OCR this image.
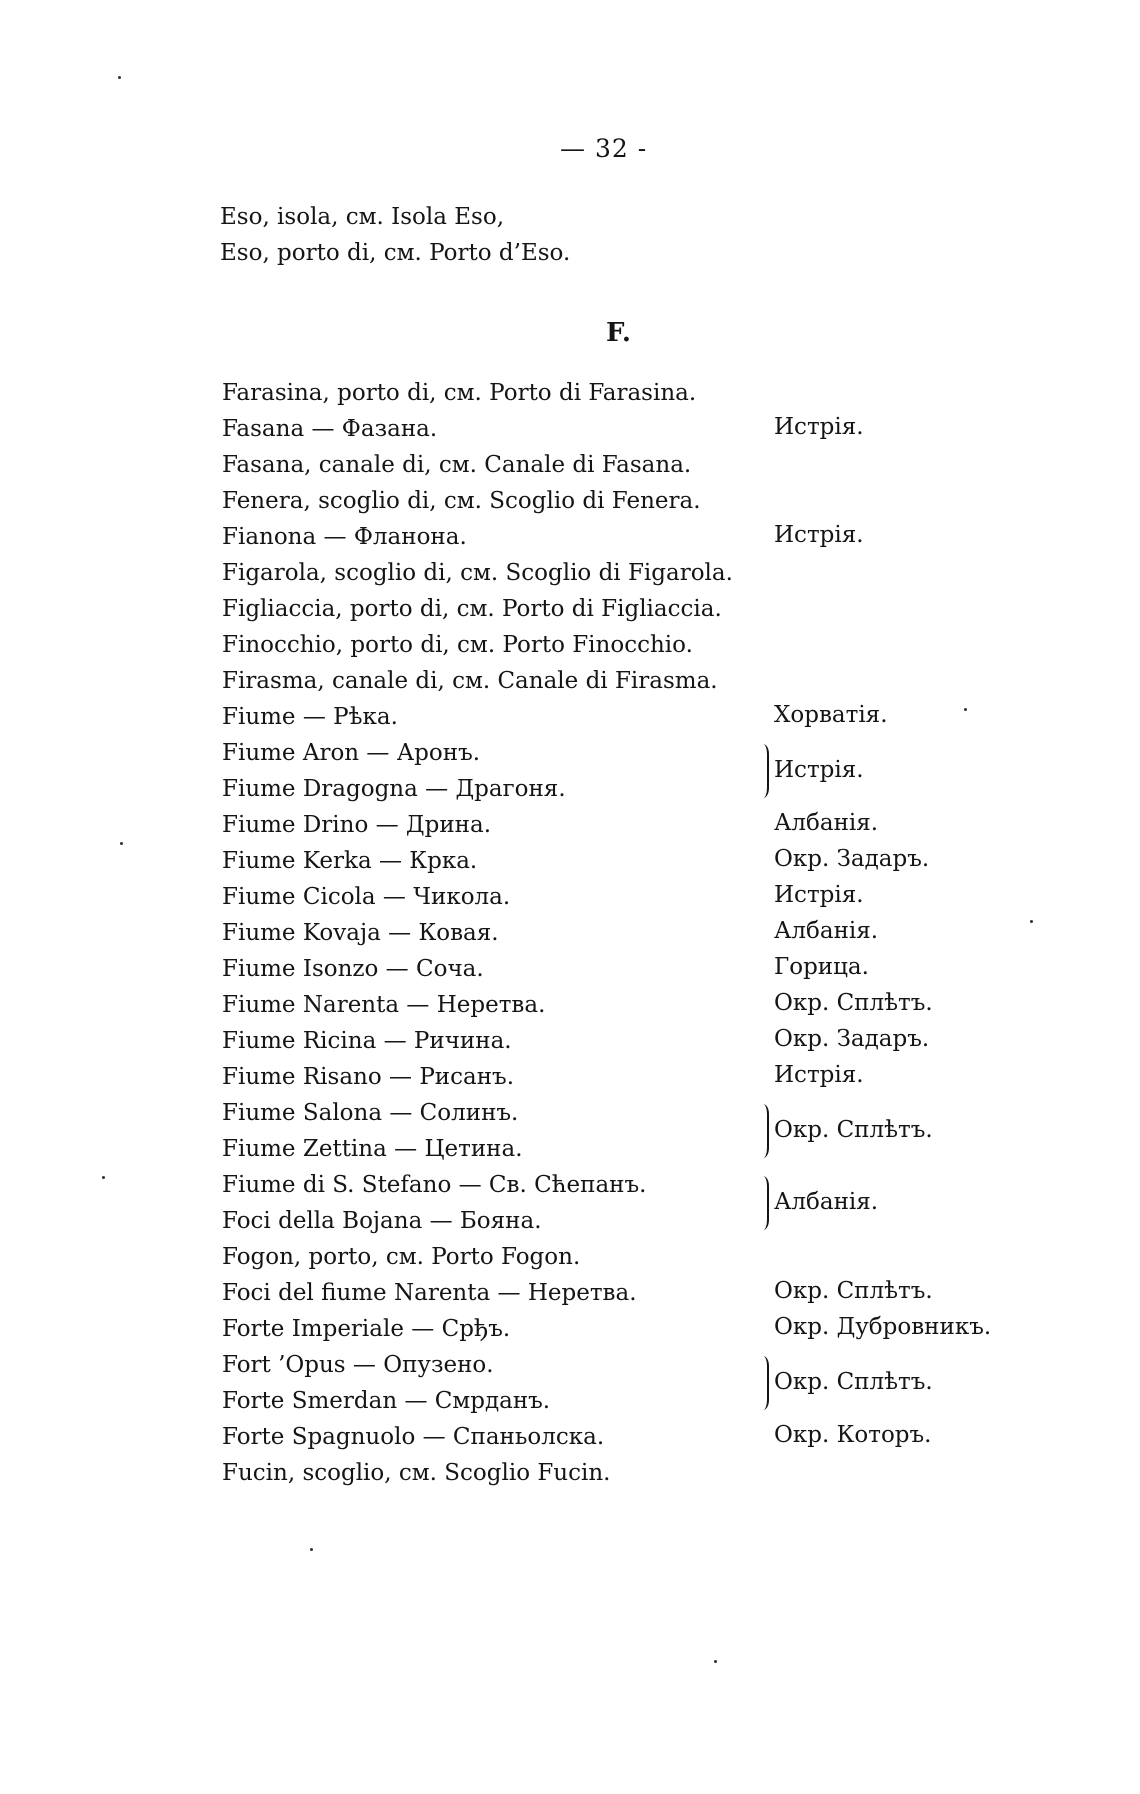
— 32 -
Eso, isola, см. Isola Eso,
Eso, porto di, см. Porto d’Eso.
F.
Farasina, porto di, см. Porto di Farasina.
Fasana — Фазана.
Fasana, canale di, см. Canale di Fasana.
Fenera, scoglio di, см. Scoglio di Fenera.
Fianona — Фланона.
Figarola, scoglio di, см. Scoglio di Figarola.
Figliaccia, porto di, см. Porto di Figliaccia.
Finocchio, porto di, см. Porto Finocchio.
Firasma, canale di, см. Canale di Firasma.
Fiume — Рѣка.
Fiume Aron — Аронъ.
Fiume Dragogna — Драгоня.
Fiume Drino — Дрина.
Fiume Kerka — Крка.
Fiume Cicola — Чикола.
Fiume Kovaja — Ковая.
Fiume Isonzo — Соча.
Fiume Narenta — Неретва.
Fiume Ricina — Ричина.
Fiume Risano — Рисанъ.
Fiume Salona — Солинъ.
Fiume Zettina — Цетина.
Fiume di S. Stefano — Св. Сћепанъ.
Foci della Bojana — Бояна.
Fogon, porto, см. Porto Fogon.
Foci del fiume Narenta — Неретва.
Forte Imperiale — Срђъ.
Fort ’Opus — Опузено.
Forte Smerdan — Смрданъ.
Forte Spagnuolo — Спаньолска.
Fucin, scoglio, см. Scoglio Fucin.
Истрія.
Истрія.
Хорватія.
Истрія.
Албанія.
Окр. Задаръ.
Истрія.
Албанія.
Горица.
Окр. Сплѣтъ.
Окр. Задаръ.
Истрія.
Окр. Сплѣтъ.
Албанія.
Окр. Сплѣтъ.
Окр. Дубровникъ.
Окр. Сплѣтъ.
Окр. Которъ.
